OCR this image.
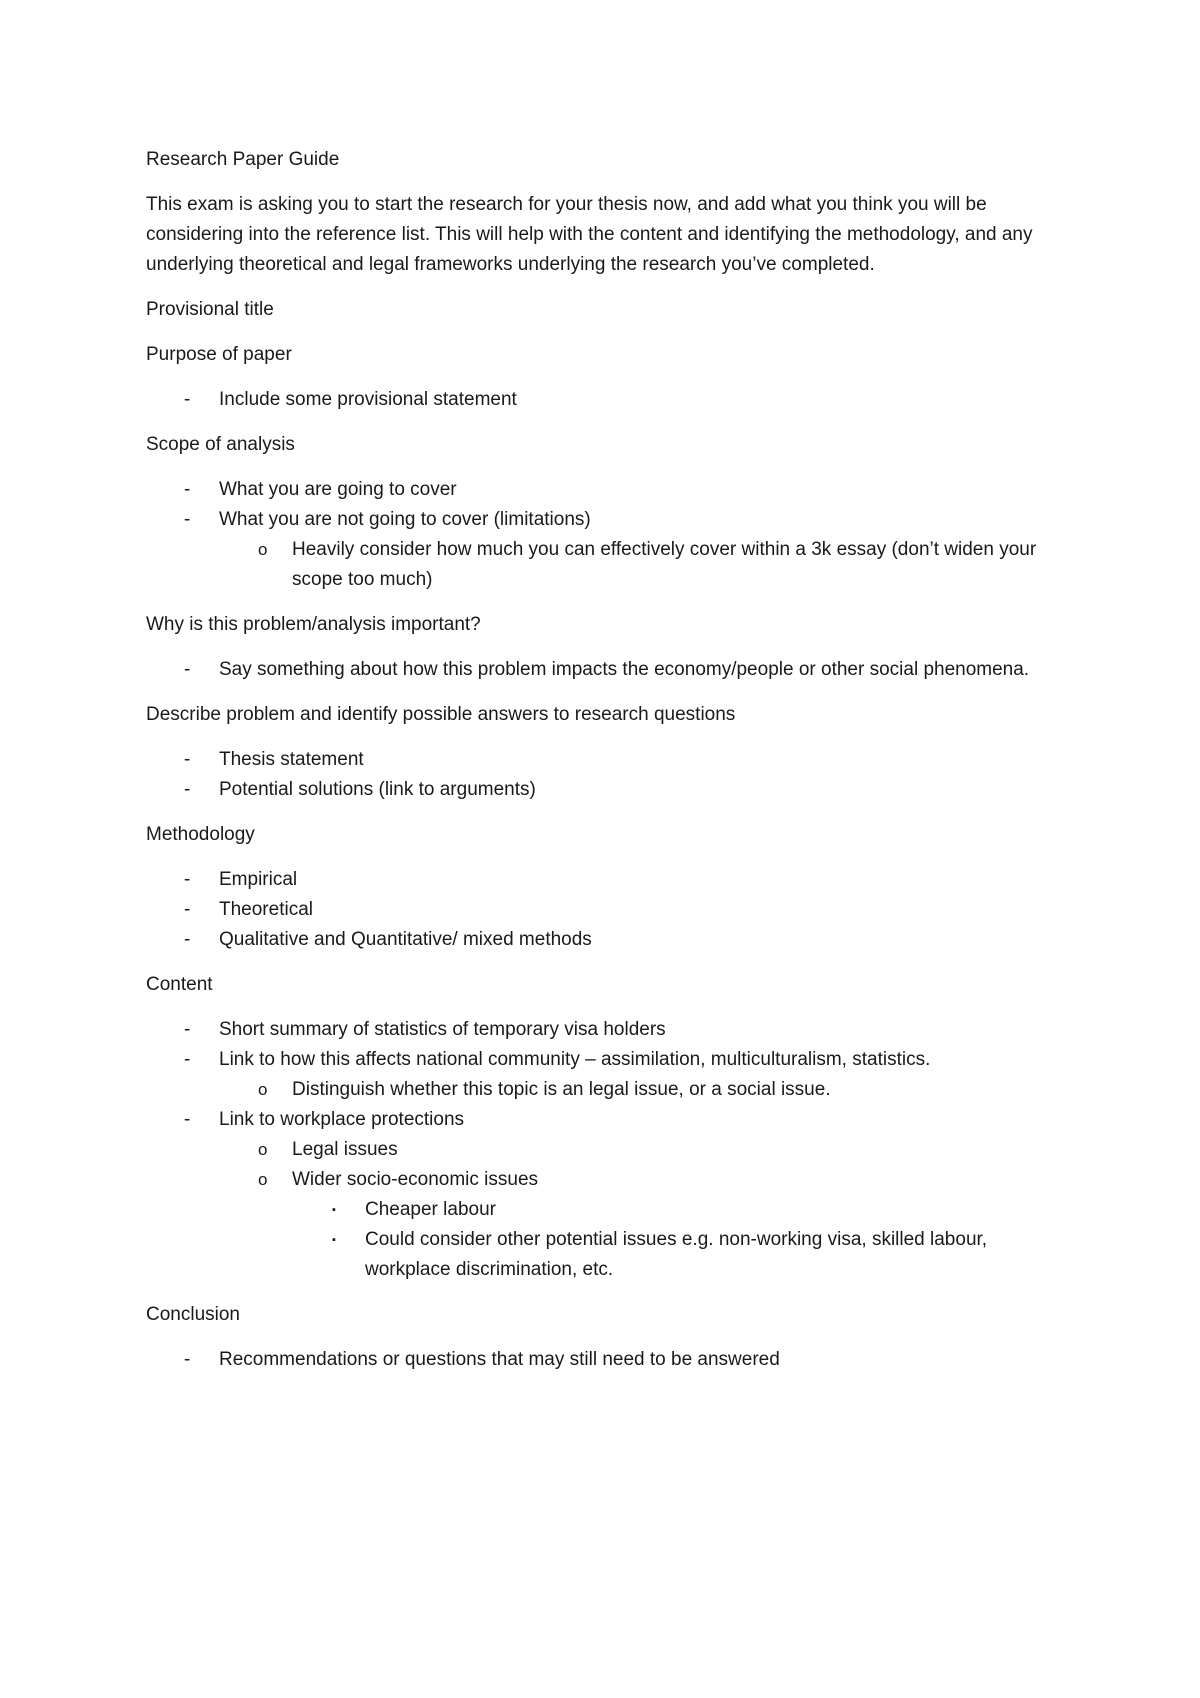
Research Paper Guide

This exam is asking you to start the research for your thesis now, and add what you think you will be considering into the reference list. This will help with the content and identifying the methodology, and any underlying theoretical and legal frameworks underlying the research you’ve completed.

Provisional title

Purpose of paper

-	Include some provisional statement

Scope of analysis

-	What you are going to cover
-	What you are not going to cover (limitations)
o	Heavily consider how much you can effectively cover within a 3k essay (don’t widen your scope too much)

Why is this problem/analysis important?

-	Say something about how this problem impacts the economy/people or other social phenomena.

Describe problem and identify possible answers to research questions

-	Thesis statement
-	Potential solutions (link to arguments)

Methodology

-	Empirical
-	Theoretical
-	Qualitative and Quantitative/ mixed methods

Content

-	Short summary of statistics of temporary visa holders
-	Link to how this affects national community – assimilation, multiculturalism, statistics.
o	Distinguish whether this topic is an legal issue, or a social issue.
-	Link to workplace protections
o	Legal issues
o	Wider socio-economic issues
▪	Cheaper labour
▪	Could consider other potential issues e.g. non-working visa, skilled labour, workplace discrimination, etc.

Conclusion

-	Recommendations or questions that may still need to be answered
